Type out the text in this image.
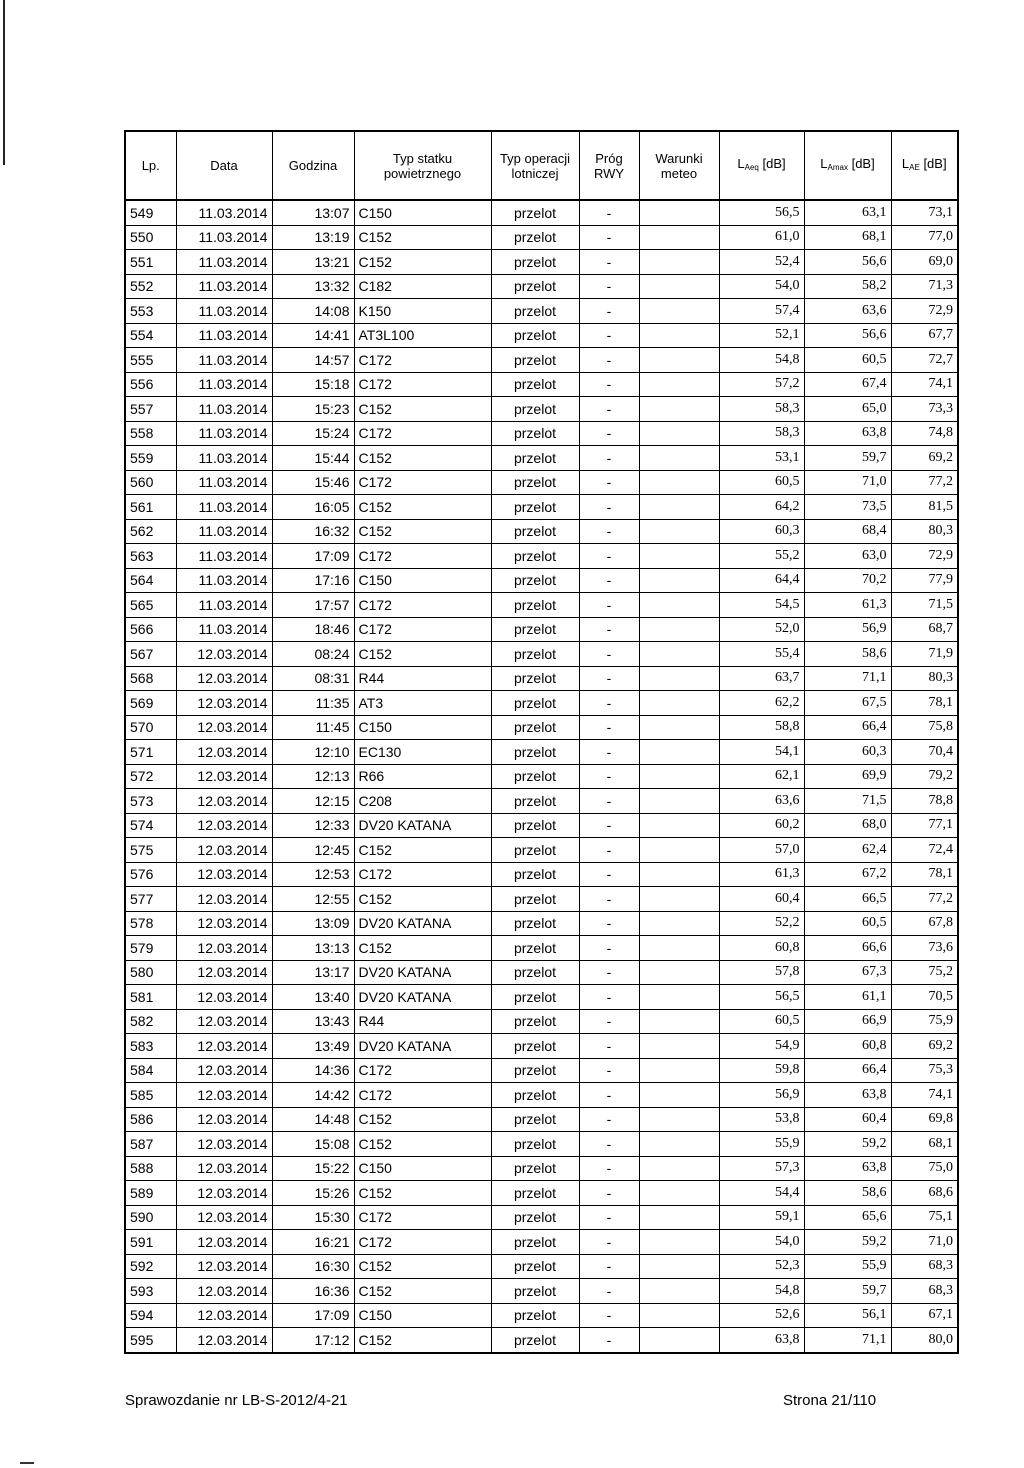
Lp.	Data	Godzina	Typ statku powietrznego	Typ operacji lotniczej	Próg RWY	Warunki meteo	$L_{Aeq}$ [dB]	$L_{Amax}$ [dB]	$L_{AE}$ [dB]
549	11.03.2014	13:07	C150	przelot	-		56,5	63,1	73,1
550	11.03.2014	13:19	C152	przelot	-		61,0	68,1	77,0
551	11.03.2014	13:21	C152	przelot	-		52,4	56,6	69,0
552	11.03.2014	13:32	C182	przelot	-		54,0	58,2	71,3
553	11.03.2014	14:08	K150	przelot	-		57,4	63,6	72,9
554	11.03.2014	14:41	AT3L100	przelot	-		52,1	56,6	67,7
555	11.03.2014	14:57	C172	przelot	-		54,8	60,5	72,7
556	11.03.2014	15:18	C172	przelot	-		57,2	67,4	74,1
557	11.03.2014	15:23	C152	przelot	-		58,3	65,0	73,3
558	11.03.2014	15:24	C172	przelot	-		58,3	63,8	74,8
559	11.03.2014	15:44	C152	przelot	-		53,1	59,7	69,2
560	11.03.2014	15:46	C172	przelot	-		60,5	71,0	77,2
561	11.03.2014	16:05	C152	przelot	-		64,2	73,5	81,5
562	11.03.2014	16:32	C152	przelot	-		60,3	68,4	80,3
563	11.03.2014	17:09	C172	przelot	-		55,2	63,0	72,9
564	11.03.2014	17:16	C150	przelot	-		64,4	70,2	77,9
565	11.03.2014	17:57	C172	przelot	-		54,5	61,3	71,5
566	11.03.2014	18:46	C172	przelot	-		52,0	56,9	68,7
567	12.03.2014	08:24	C152	przelot	-		55,4	58,6	71,9
568	12.03.2014	08:31	R44	przelot	-		63,7	71,1	80,3
569	12.03.2014	11:35	AT3	przelot	-		62,2	67,5	78,1
570	12.03.2014	11:45	C150	przelot	-		58,8	66,4	75,8
571	12.03.2014	12:10	EC130	przelot	-		54,1	60,3	70,4
572	12.03.2014	12:13	R66	przelot	-		62,1	69,9	79,2
573	12.03.2014	12:15	C208	przelot	-		63,6	71,5	78,8
574	12.03.2014	12:33	DV20 KATANA	przelot	-		60,2	68,0	77,1
575	12.03.2014	12:45	C152	przelot	-		57,0	62,4	72,4
576	12.03.2014	12:53	C172	przelot	-		61,3	67,2	78,1
577	12.03.2014	12:55	C152	przelot	-		60,4	66,5	77,2
578	12.03.2014	13:09	DV20 KATANA	przelot	-		52,2	60,5	67,8
579	12.03.2014	13:13	C152	przelot	-		60,8	66,6	73,6
580	12.03.2014	13:17	DV20 KATANA	przelot	-		57,8	67,3	75,2
581	12.03.2014	13:40	DV20 KATANA	przelot	-		56,5	61,1	70,5
582	12.03.2014	13:43	R44	przelot	-		60,5	66,9	75,9
583	12.03.2014	13:49	DV20 KATANA	przelot	-		54,9	60,8	69,2
584	12.03.2014	14:36	C172	przelot	-		59,8	66,4	75,3
585	12.03.2014	14:42	C172	przelot	-		56,9	63,8	74,1
586	12.03.2014	14:48	C152	przelot	-		53,8	60,4	69,8
587	12.03.2014	15:08	C152	przelot	-		55,9	59,2	68,1
588	12.03.2014	15:22	C150	przelot	-		57,3	63,8	75,0
589	12.03.2014	15:26	C152	przelot	-		54,4	58,6	68,6
590	12.03.2014	15:30	C172	przelot	-		59,1	65,6	75,1
591	12.03.2014	16:21	C172	przelot	-		54,0	59,2	71,0
592	12.03.2014	16:30	C152	przelot	-		52,3	55,9	68,3
593	12.03.2014	16:36	C152	przelot	-		54,8	59,7	68,3
594	12.03.2014	17:09	C150	przelot	-		52,6	56,1	67,1
595	12.03.2014	17:12	C152	przelot	-		63,8	71,1	80,0
Sprawozdanie nr LB-S-2012/4-21	Strona 21/110
